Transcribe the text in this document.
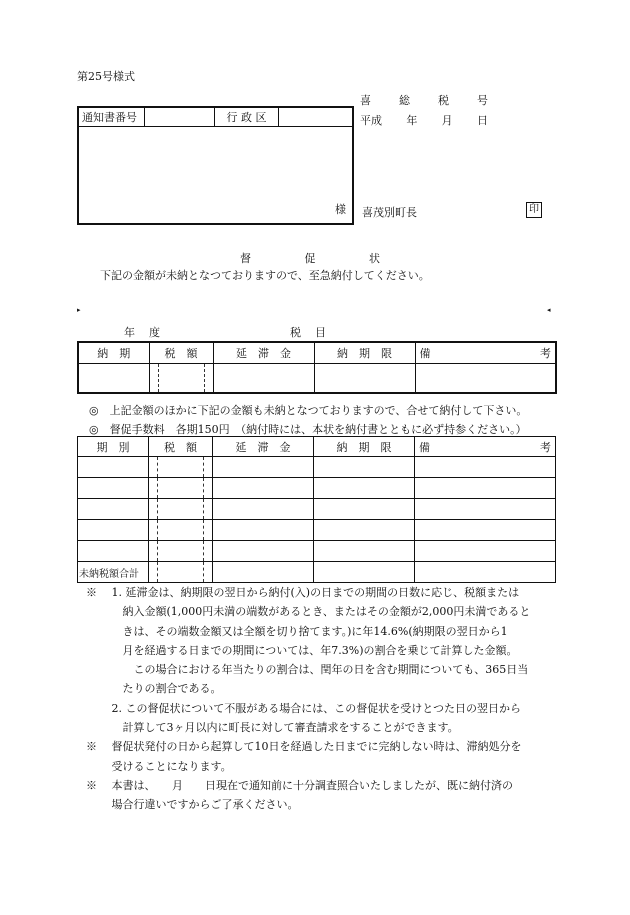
第25号様式
喜	総	税	号
平成 年 月 日
通知書番号	行 政 区
様 喜茂別町長	印
督	促	状
下記の金額が未納となつておりますので、至急納付してください。
▸	◂
年 度	税 目
納　期	税　額	延　滞　金	納　期　限	備 考

◎　上記金額のほかに下記の金額も未納となつておりますので、合せて納付して下さい。
◎　督促手数料　各期150円　（納付時には、本状を納付書とともに必ず持参ください。）
期　別	税　額	延　滞　金	納　期　限	備 考

未納税額合計	

※　 1. 延滞金は、納期限の翌日から納付(入)の日までの期間の日数に応じ、税額または
　　　 納入金額(1,000円未満の端数があるとき、またはその金額が2,000円未満であると
　　　 きは、その端数金額又は全額を切り捨てます。)に年14.6%(納期限の翌日から1
　　　 月を経過する日までの期間については、年7.3%)の割合を乗じて計算した金額。
　　　 　この場合における年当たりの割合は、閏年の日を含む期間についても、365日当
　　　 たりの割合である。
　　 2. この督促状について不服がある場合には、この督促状を受けとつた日の翌日から
　　　 計算して3ヶ月以内に町長に対して審査請求をすることができます。
※　 督促状発付の日から起算して10日を経過した日までに完納しない時は、滞納処分を
　　 受けることになります。
※　 本書は、　　月　　日現在で通知前に十分調査照合いたしましたが、既に納付済の
　　 場合行違いですからご了承ください。
